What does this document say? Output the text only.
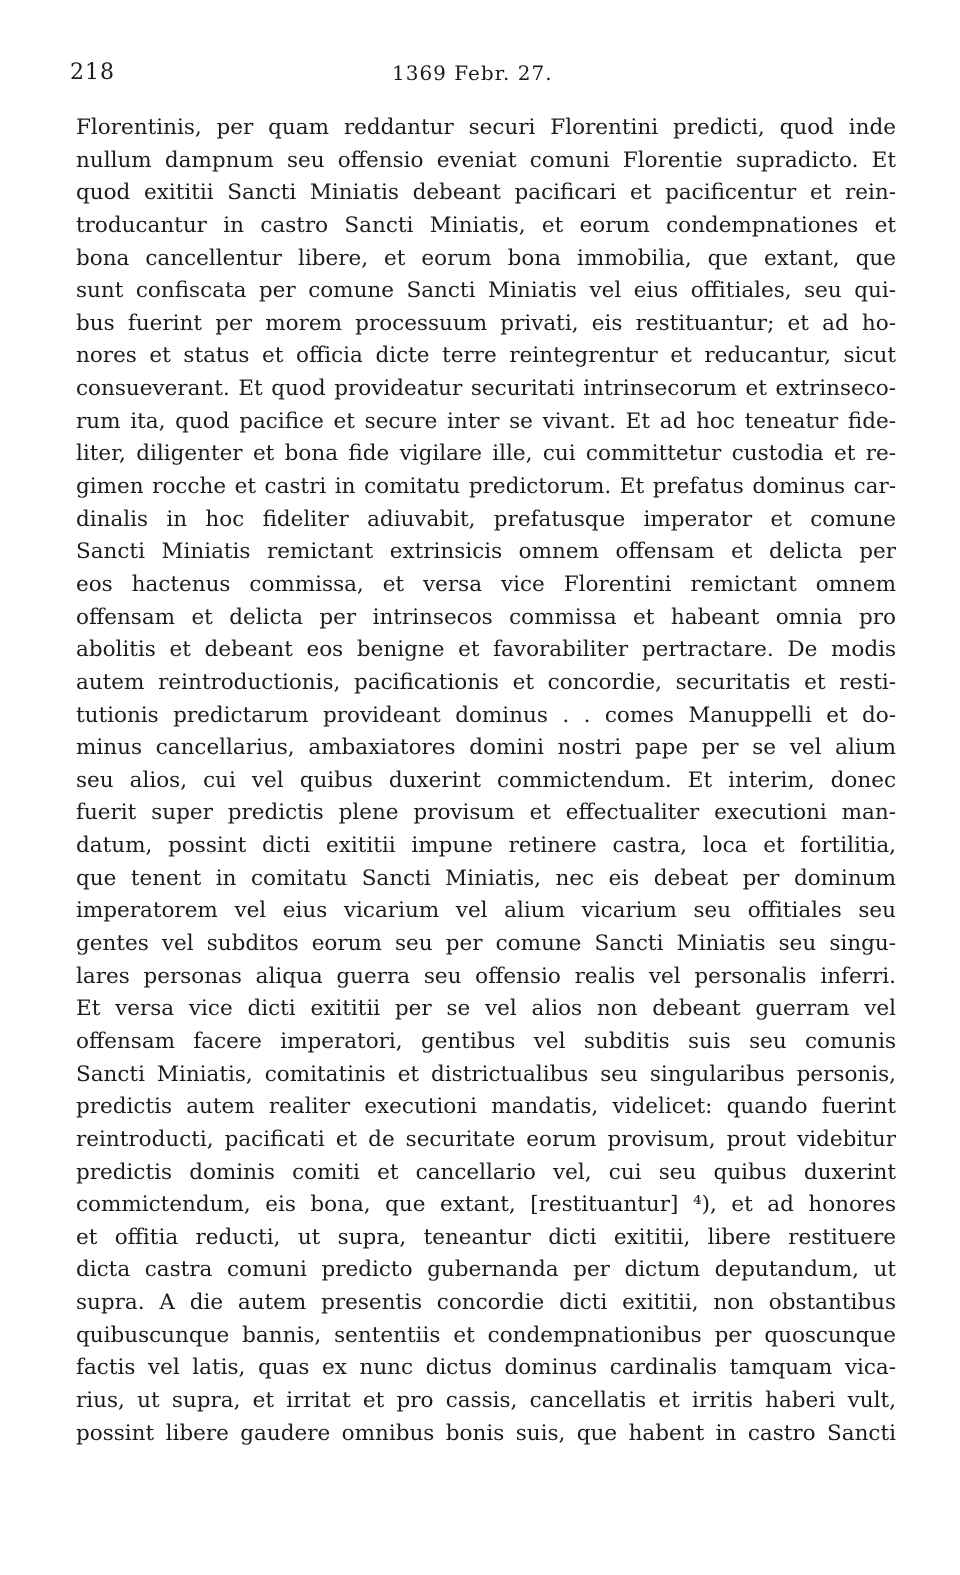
218	1369 Febr. 27.
Florentinis, per quam reddantur securi Florentini predicti, quod inde
nullum dampnum seu offensio eveniat comuni Florentie supradicto. Et
quod exititii Sancti Miniatis debeant pacificari et pacificentur et rein-
troducantur in castro Sancti Miniatis, et eorum condempnationes et
bona cancellentur libere, et eorum bona immobilia, que extant, que
sunt confiscata per comune Sancti Miniatis vel eius offitiales, seu qui-
bus fuerint per morem processuum privati, eis restituantur; et ad ho-
nores et status et officia dicte terre reintegrentur et reducantur, sicut
consueverant. Et quod provideatur securitati intrinsecorum et extrinseco-
rum ita, quod pacifice et secure inter se vivant. Et ad hoc teneatur fide-
liter, diligenter et bona fide vigilare ille, cui committetur custodia et re-
gimen rocche et castri in comitatu predictorum. Et prefatus dominus car-
dinalis in hoc fideliter adiuvabit, prefatusque imperator et comune
Sancti Miniatis remictant extrinsicis omnem offensam et delicta per
eos hactenus commissa, et versa vice Florentini remictant omnem
offensam et delicta per intrinsecos commissa et habeant omnia pro
abolitis et debeant eos benigne et favorabiliter pertractare. De modis
autem reintroductionis, pacificationis et concordie, securitatis et resti-
tutionis predictarum provideant dominus . . comes Manuppelli et do-
minus cancellarius, ambaxiatores domini nostri pape per se vel alium
seu alios, cui vel quibus duxerint commictendum. Et interim, donec
fuerit super predictis plene provisum et effectualiter executioni man-
datum, possint dicti exititii impune retinere castra, loca et fortilitia,
que tenent in comitatu Sancti Miniatis, nec eis debeat per dominum
imperatorem vel eius vicarium vel alium vicarium seu offitiales seu
gentes vel subditos eorum seu per comune Sancti Miniatis seu singu-
lares personas aliqua guerra seu offensio realis vel personalis inferri.
Et versa vice dicti exititii per se vel alios non debeant guerram vel
offensam facere imperatori, gentibus vel subditis suis seu comunis
Sancti Miniatis, comitatinis et districtualibus seu singularibus personis,
predictis autem realiter executioni mandatis, videlicet: quando fuerint
reintroducti, pacificati et de securitate eorum provisum, prout videbitur
predictis dominis comiti et cancellario vel, cui seu quibus duxerint
commictendum, eis bona, que extant, [restituantur] ⁴), et ad honores
et offitia reducti, ut supra, teneantur dicti exititii, libere restituere
dicta castra comuni predicto gubernanda per dictum deputandum, ut
supra. A die autem presentis concordie dicti exititii, non obstantibus
quibuscunque bannis, sententiis et condempnationibus per quoscunque
factis vel latis, quas ex nunc dictus dominus cardinalis tamquam vica-
rius, ut supra, et irritat et pro cassis, cancellatis et irritis haberi vult,
possint libere gaudere omnibus bonis suis, que habent in castro Sancti
